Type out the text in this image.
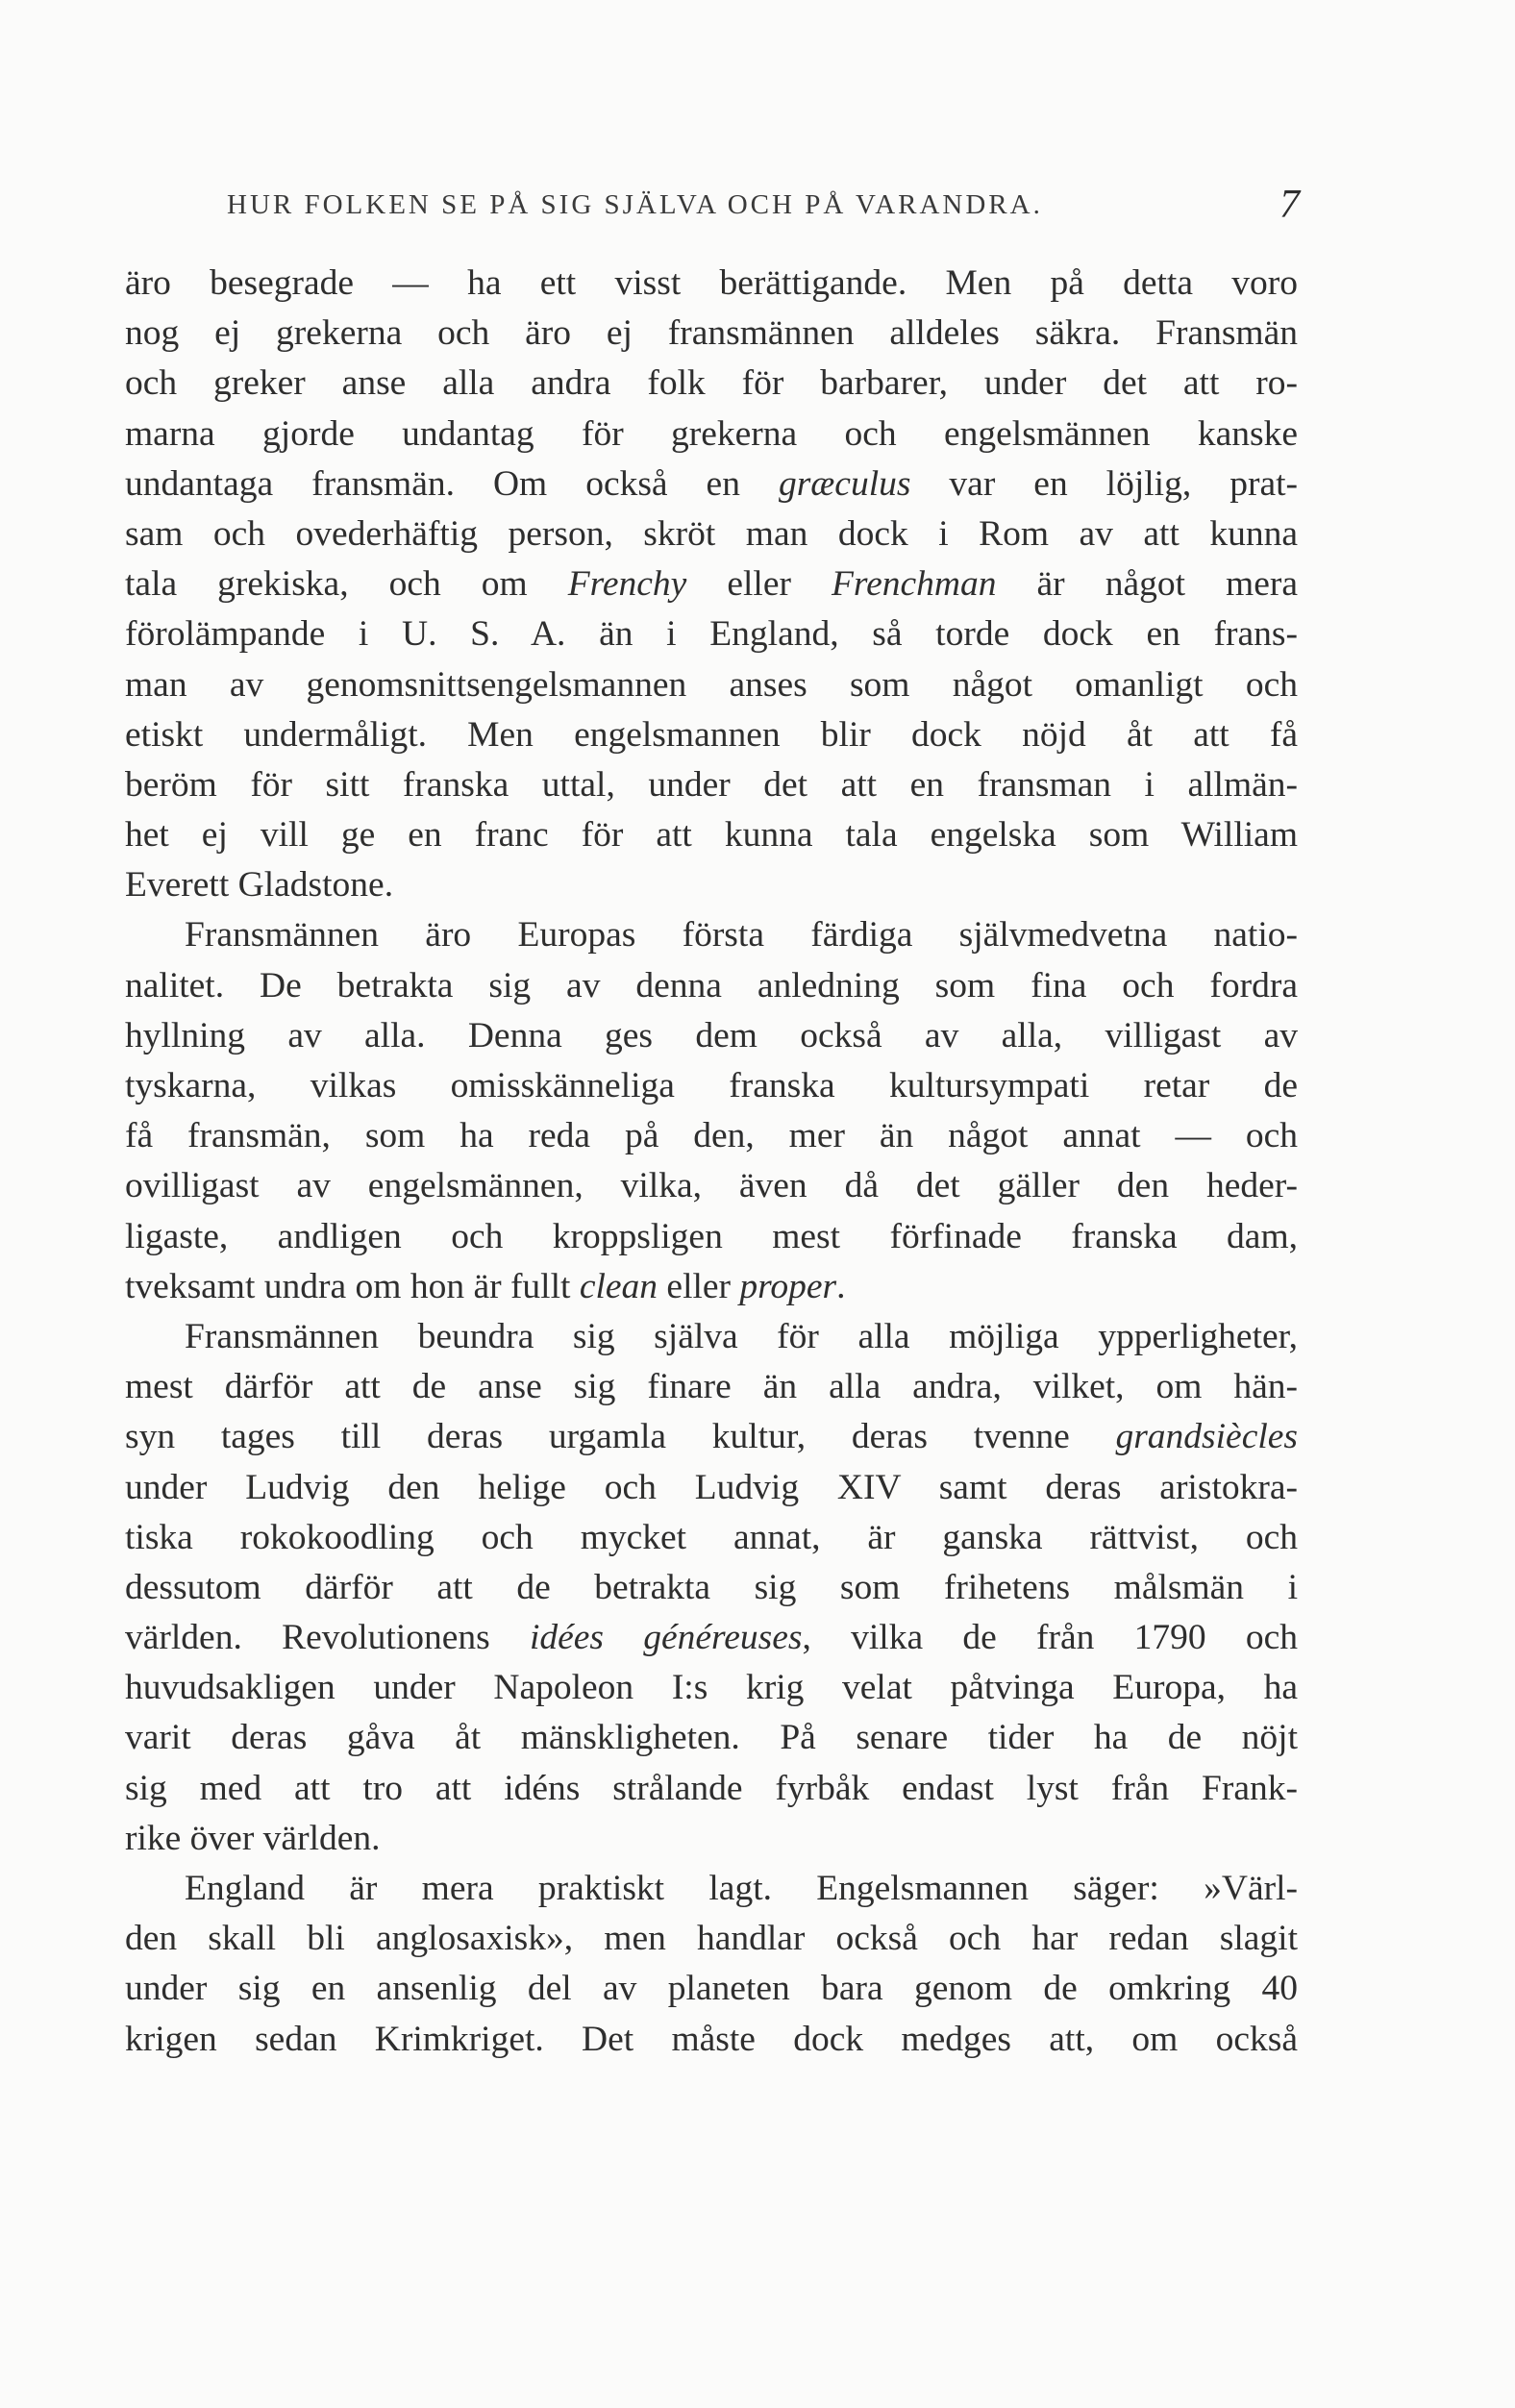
HUR FOLKEN SE PÅ SIG SJÄLVA OCH PÅ VARANDRA.	7
äro besegrade — ha ett visst berättigande. Men på detta voro
nog ej grekerna och äro ej fransmännen alldeles säkra. Fransmän
och greker anse alla andra folk för barbarer, under det att ro-
marna gjorde undantag för grekerna och engelsmännen kanske
undantaga fransmän. Om också en græculus var en löjlig, prat-
sam och ovederhäftig person, skröt man dock i Rom av att kunna
tala grekiska, och om Frenchy eller Frenchman är något mera
förolämpande i U. S. A. än i England, så torde dock en frans-
man av genomsnittsengelsmannen anses som något omanligt och
etiskt undermåligt. Men engelsmannen blir dock nöjd åt att få
beröm för sitt franska uttal, under det att en fransman i allmän-
het ej vill ge en franc för att kunna tala engelska som William
Everett Gladstone.
Fransmännen äro Europas första färdiga självmedvetna natio-
nalitet. De betrakta sig av denna anledning som fina och fordra
hyllning av alla. Denna ges dem också av alla, villigast av
tyskarna, vilkas omisskänneliga franska kultursympati retar de
få fransmän, som ha reda på den, mer än något annat — och
ovilligast av engelsmännen, vilka, även då det gäller den heder-
ligaste, andligen och kroppsligen mest förfinade franska dam,
tveksamt undra om hon är fullt clean eller proper.
Fransmännen beundra sig själva för alla möjliga ypperligheter,
mest därför att de anse sig finare än alla andra, vilket, om hän-
syn tages till deras urgamla kultur, deras tvenne grandsiècles
under Ludvig den helige och Ludvig XIV samt deras aristokra-
tiska rokokoodling och mycket annat, är ganska rättvist, och
dessutom därför att de betrakta sig som frihetens målsmän i
världen. Revolutionens idées généreuses, vilka de från 1790 och
huvudsakligen under Napoleon I:s krig velat påtvinga Europa, ha
varit deras gåva åt mänskligheten. På senare tider ha de nöjt
sig med att tro att idéns strålande fyrbåk endast lyst från Frank-
rike över världen.
England är mera praktiskt lagt. Engelsmannen säger: »Värl-
den skall bli anglosaxisk», men handlar också och har redan slagit
under sig en ansenlig del av planeten bara genom de omkring 40
krigen sedan Krimkriget. Det måste dock medges att, om också
